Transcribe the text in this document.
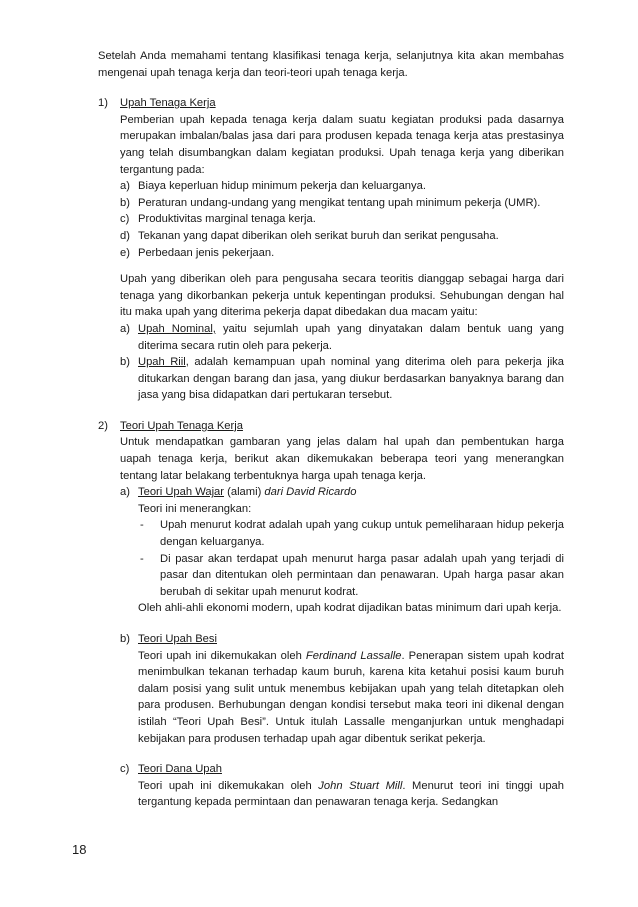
Setelah Anda memahami tentang klasifikasi tenaga kerja, selanjutnya kita akan membahas mengenai upah tenaga kerja dan teori-teori upah tenaga kerja.

1)	Upah Tenaga Kerja

Pemberian upah kepada tenaga kerja dalam suatu kegiatan produksi pada dasarnya merupakan imbalan/balas jasa dari para produsen kepada tenaga kerja atas prestasinya yang telah disumbangkan dalam kegiatan produksi. Upah tenaga kerja yang diberikan tergantung pada:

a) Biaya keperluan hidup minimum pekerja dan keluarganya.
b) Peraturan undang-undang yang mengikat tentang upah minimum pekerja (UMR).
c) Produktivitas marginal tenaga kerja.
d) Tekanan yang dapat diberikan oleh serikat buruh dan serikat pengusaha.
e) Perbedaan jenis pekerjaan.

Upah yang diberikan oleh para pengusaha secara teoritis dianggap sebagai harga dari tenaga yang dikorbankan pekerja untuk kepentingan produksi. Sehubungan dengan hal itu maka upah yang diterima pekerja dapat dibedakan dua macam yaitu:

a) Upah Nominal, yaitu sejumlah upah yang dinyatakan dalam bentuk uang yang diterima secara rutin oleh para pekerja.
b) Upah Riil, adalah kemampuan upah nominal yang diterima oleh para pekerja jika ditukarkan dengan barang dan jasa, yang diukur berdasarkan banyaknya barang dan jasa yang bisa didapatkan dari pertukaran tersebut.
2)	Teori Upah Tenaga Kerja

Untuk mendapatkan gambaran yang jelas dalam hal upah dan pembentukan harga uapah tenaga kerja, berikut akan dikemukakan beberapa teori yang menerangkan tentang latar belakang terbentuknya harga upah tenaga kerja.

a) Teori Upah Wajar (alami) dari David Ricardo
Teori ini menerangkan:
-	Upah menurut kodrat adalah upah yang cukup untuk pemeliharaan hidup pekerja dengan keluarganya.
-	Di pasar akan terdapat upah menurut harga pasar adalah upah yang terjadi di pasar dan ditentukan oleh permintaan dan penawaran. Upah harga pasar akan berubah di sekitar upah menurut kodrat.

Oleh ahli-ahli ekonomi modern, upah kodrat dijadikan batas minimum dari upah kerja.

b) Teori Upah Besi

Teori upah ini dikemukakan oleh Ferdinand Lassalle. Penerapan sistem upah kodrat menimbulkan tekanan terhadap kaum buruh, karena kita ketahui posisi kaum buruh dalam posisi yang sulit untuk menembus kebijakan upah yang telah ditetapkan oleh para produsen. Berhubungan dengan kondisi tersebut maka teori ini dikenal dengan istilah “Teori Upah Besi”. Untuk itulah Lassalle menganjurkan untuk menghadapi kebijakan para produsen terhadap upah agar dibentuk serikat pekerja.

c) Teori Dana Upah

Teori upah ini dikemukakan oleh John Stuart Mill. Menurut teori ini tinggi upah tergantung kepada permintaan dan penawaran tenaga kerja. Sedangkan

18
